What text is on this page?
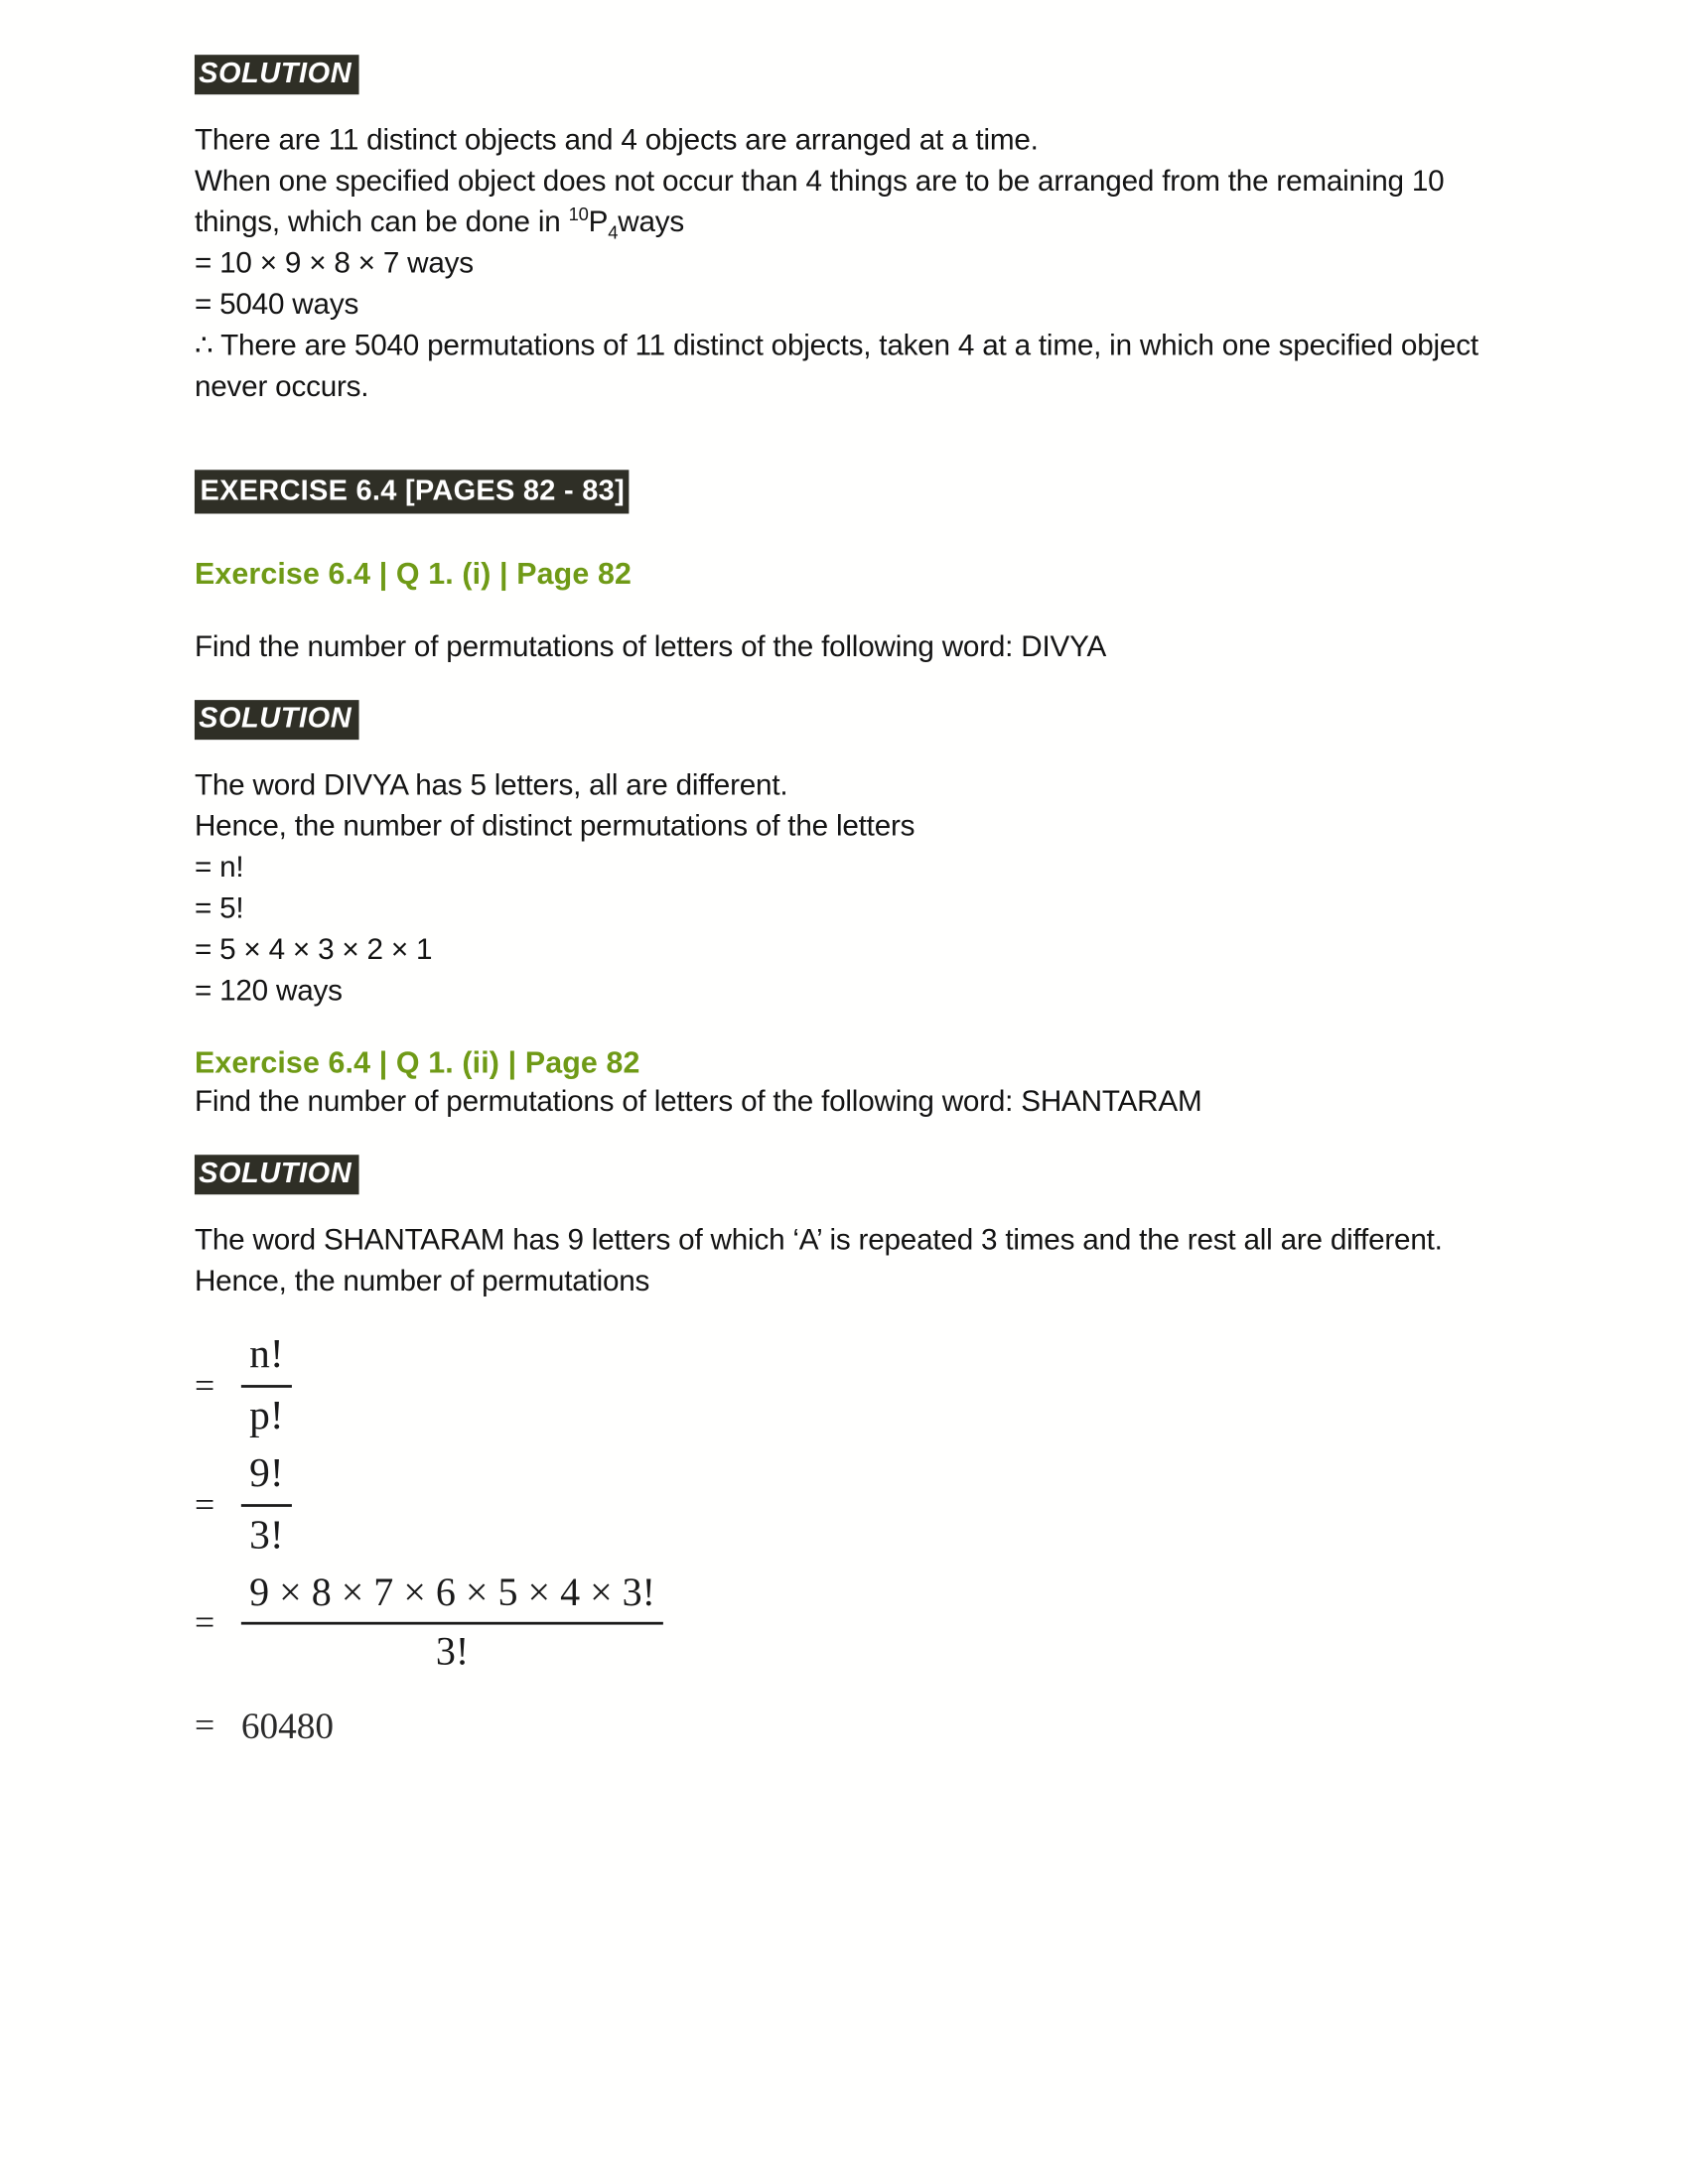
SOLUTION

There are 11 distinct objects and 4 objects are arranged at a time.

When one specified object does not occur than 4 things are to be arranged from the remaining 10 things, which can be done in $^{10}P_4ways$

= 10 × 9 × 8 × 7 ways

= 5040 ways

∴ There are 5040 permutations of 11 distinct objects, taken 4 at a time, in which one specified object never occurs.

EXERCISE 6.4 [PAGES 82 - 83]
Exercise 6.4 | Q 1. (i) | Page 82

Find the number of permutations of letters of the following word: DIVYA

SOLUTION

The word DIVYA has 5 letters, all are different.

Hence, the number of distinct permutations of the letters

= n!

= 5!

= 5 × 4 × 3 × 2 × 1

= 120 ways

Exercise 6.4 | Q 1. (ii) | Page 82

Find the number of permutations of letters of the following word: SHANTARAM

SOLUTION

The word SHANTARAM has 9 letters of which ‘A’ is repeated 3 times and the rest all are different.

Hence, the number of permutations

= $\frac{n!}{p!}$
= $\frac{9!}{3!}$
= $\frac{9 \times 8 \times 7 \times 6 \times 5 \times 4 \times 3!}{3!}$
= 60480
